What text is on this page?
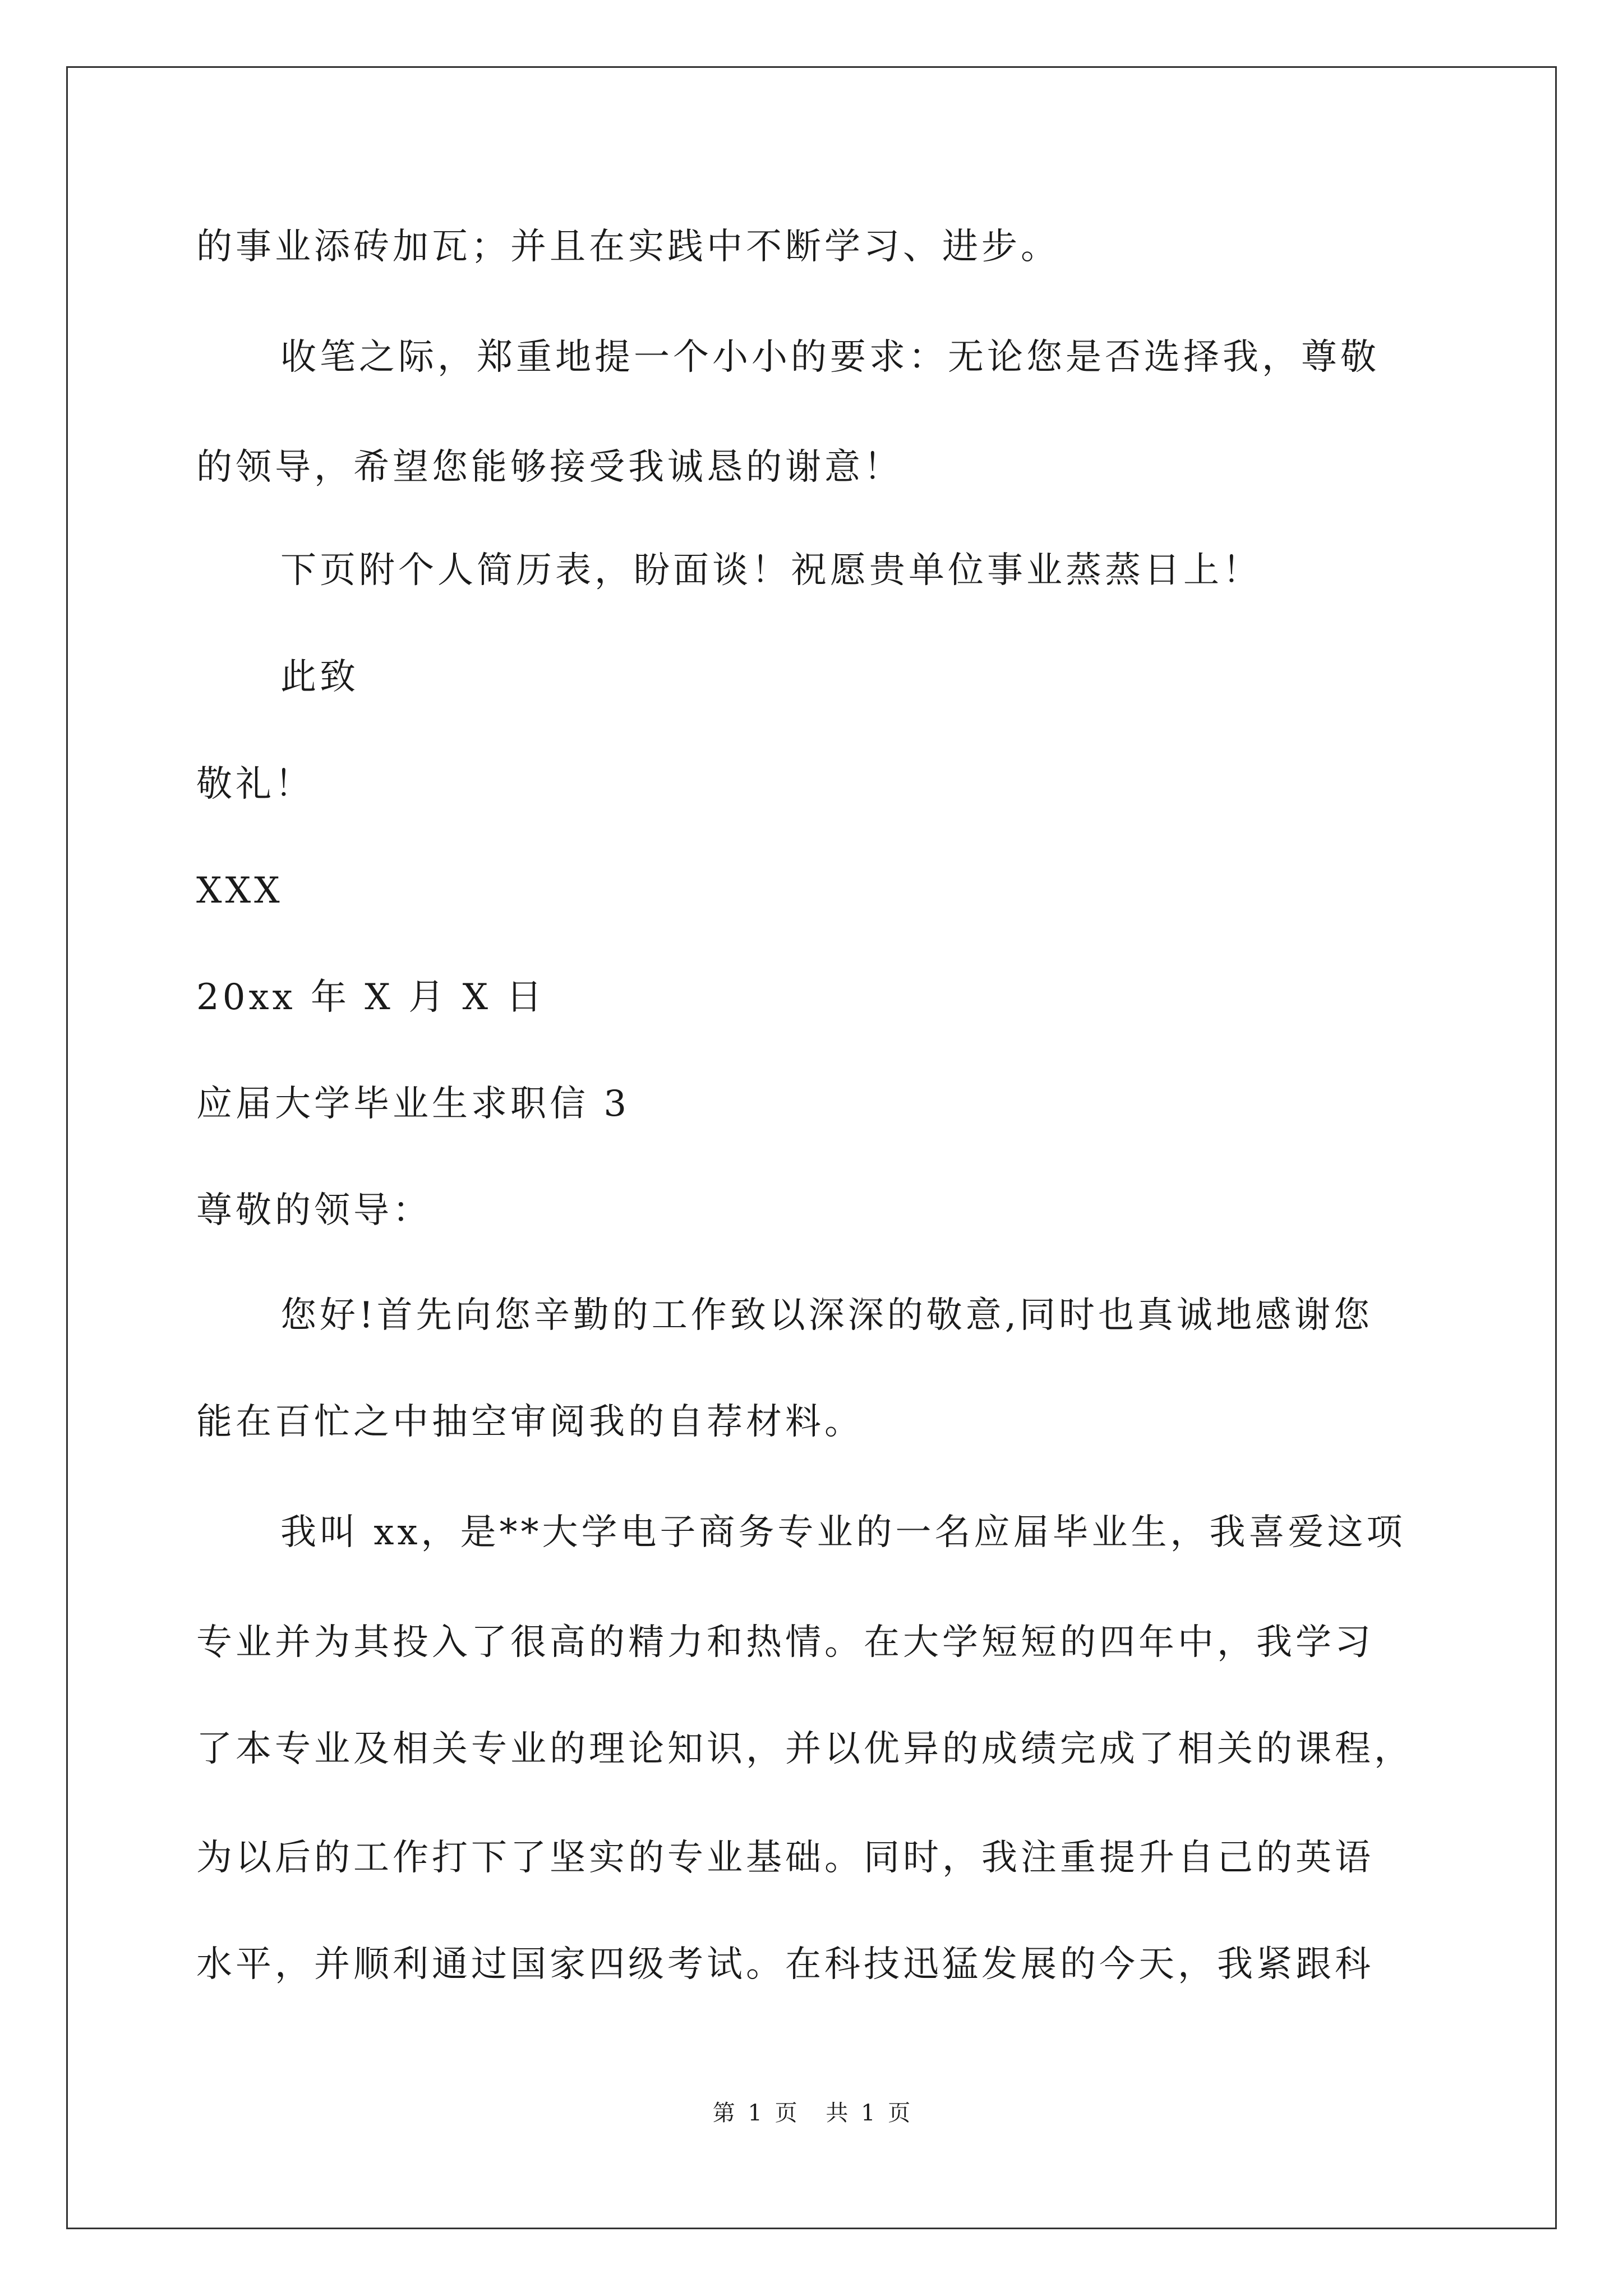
的事业添砖加瓦；并且在实践中不断学习、进步。
收笔之际，郑重地提一个小小的要求：无论您是否选择我，尊敬
的领导，希望您能够接受我诚恳的谢意！
下页附个人简历表，盼面谈！祝愿贵单位事业蒸蒸日上！
此致
敬礼！
XXX
20xx 年 X 月 X 日
应届大学毕业生求职信 3
尊敬的领导：
您好!首先向您辛勤的工作致以深深的敬意,同时也真诚地感谢您
能在百忙之中抽空审阅我的自荐材料。
我叫 xx，是**大学电子商务专业的一名应届毕业生，我喜爱这项
专业并为其投入了很高的精力和热情。在大学短短的四年中，我学习
了本专业及相关专业的理论知识，并以优异的成绩完成了相关的课程，
为以后的工作打下了坚实的专业基础。同时，我注重提升自己的英语
水平，并顺利通过国家四级考试。在科技迅猛发展的今天，我紧跟科
第 1 页 共 1 页
